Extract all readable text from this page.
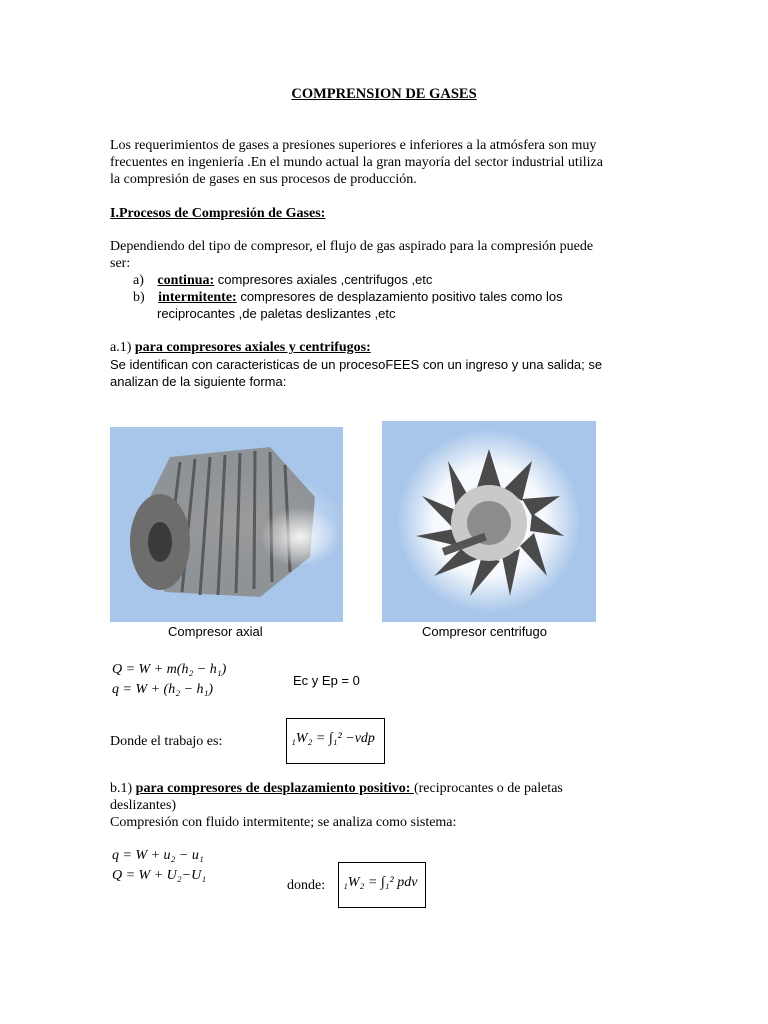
COMPRENSION DE GASES
Los requerimientos de gases a presiones superiores e inferiores a la atmósfera son muy
frecuentes en ingeniería .En el mundo actual la gran mayoría del sector industrial utiliza
la compresión de gases en sus procesos de producción.
I.Procesos de Compresión de Gases:
Dependiendo del tipo de compresor, el flujo de gas aspirado para la compresión puede
ser:
a) continua: compresores axiales ,centrifugos ,etc
b) intermitente: compresores de desplazamiento positivo tales como los
reciprocantes ,de paletas deslizantes ,etc
a.1) para compresores axiales y centrifugos:
Se identifican con caracteristicas de un procesoFEES con un ingreso y una salida; se
analizan de la siguiente forma:
Compresor axial	Compresor centrifugo
Q = W + m(h₂ − h₁)
q = W + (h₂ − h₁)
Ec y Ep = 0
Donde el trabajo es:	₁W₂ = ∫₁² −vdp
b.1) para compresores de desplazamiento positivo: (reciprocantes o de paletas
deslizantes)
Compresión con fluido intermitente; se analiza como sistema:
q = W + u₂ − u₁
Q = W + U₂−U₁
donde: ₁W₂ = ∫₁² pdv
